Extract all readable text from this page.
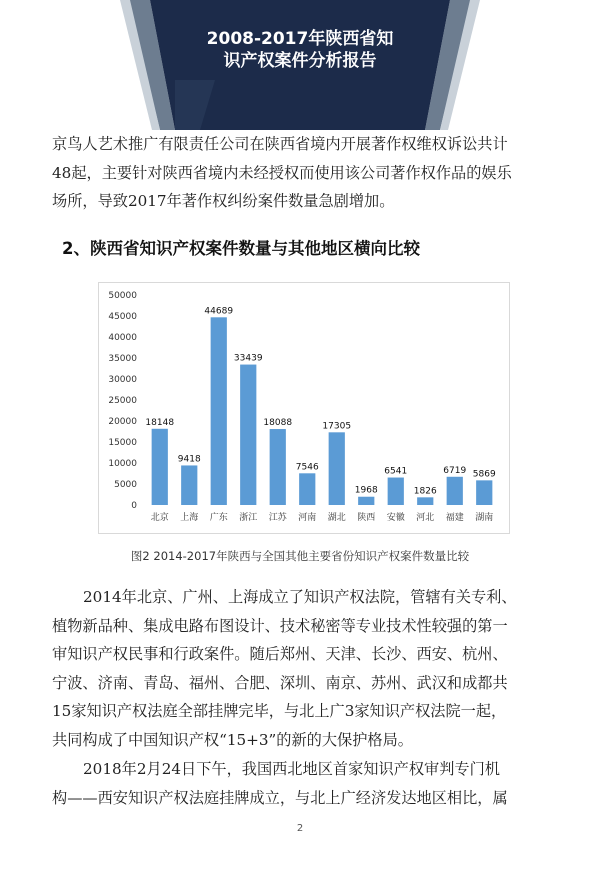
2008-2017年陕西省知
识产权案件分析报告
京鸟人艺术推广有限责任公司在陕西省境内开展著作权维权诉讼共计
48起，主要针对陕西省境内未经授权而使用该公司著作权作品的娱乐
场所，导致2017年著作权纠纷案件数量急剧增加。
2、陕西省知识产权案件数量与其他地区横向比较
0
5000
10000
15000
20000
25000
30000
35000
40000
45000
50000
18148
北京
9418
上海
44689
广东
33439
浙江
18088
江苏
7546
河南
17305
湖北
1968
陕西
6541
安徽
1826
河北
6719
福建
5869
湖南

图2 2014-2017年陕西与全国其他主要省份知识产权案件数量比较

2014年北京、广州、上海成立了知识产权法院，管辖有关专利、
植物新品种、集成电路布图设计、技术秘密等专业技术性较强的第一
审知识产权民事和行政案件。随后郑州、天津、长沙、西安、杭州、
宁波、济南、青岛、福州、合肥、深圳、南京、苏州、武汉和成都共
15家知识产权法庭全部挂牌完毕，与北上广3家知识产权法院一起，
共同构成了中国知识产权“15+3”的新的大保护格局。
2018年2月24日下午，我国西北地区首家知识产权审判专门机
构——西安知识产权法庭挂牌成立，与北上广经济发达地区相比，属
2
